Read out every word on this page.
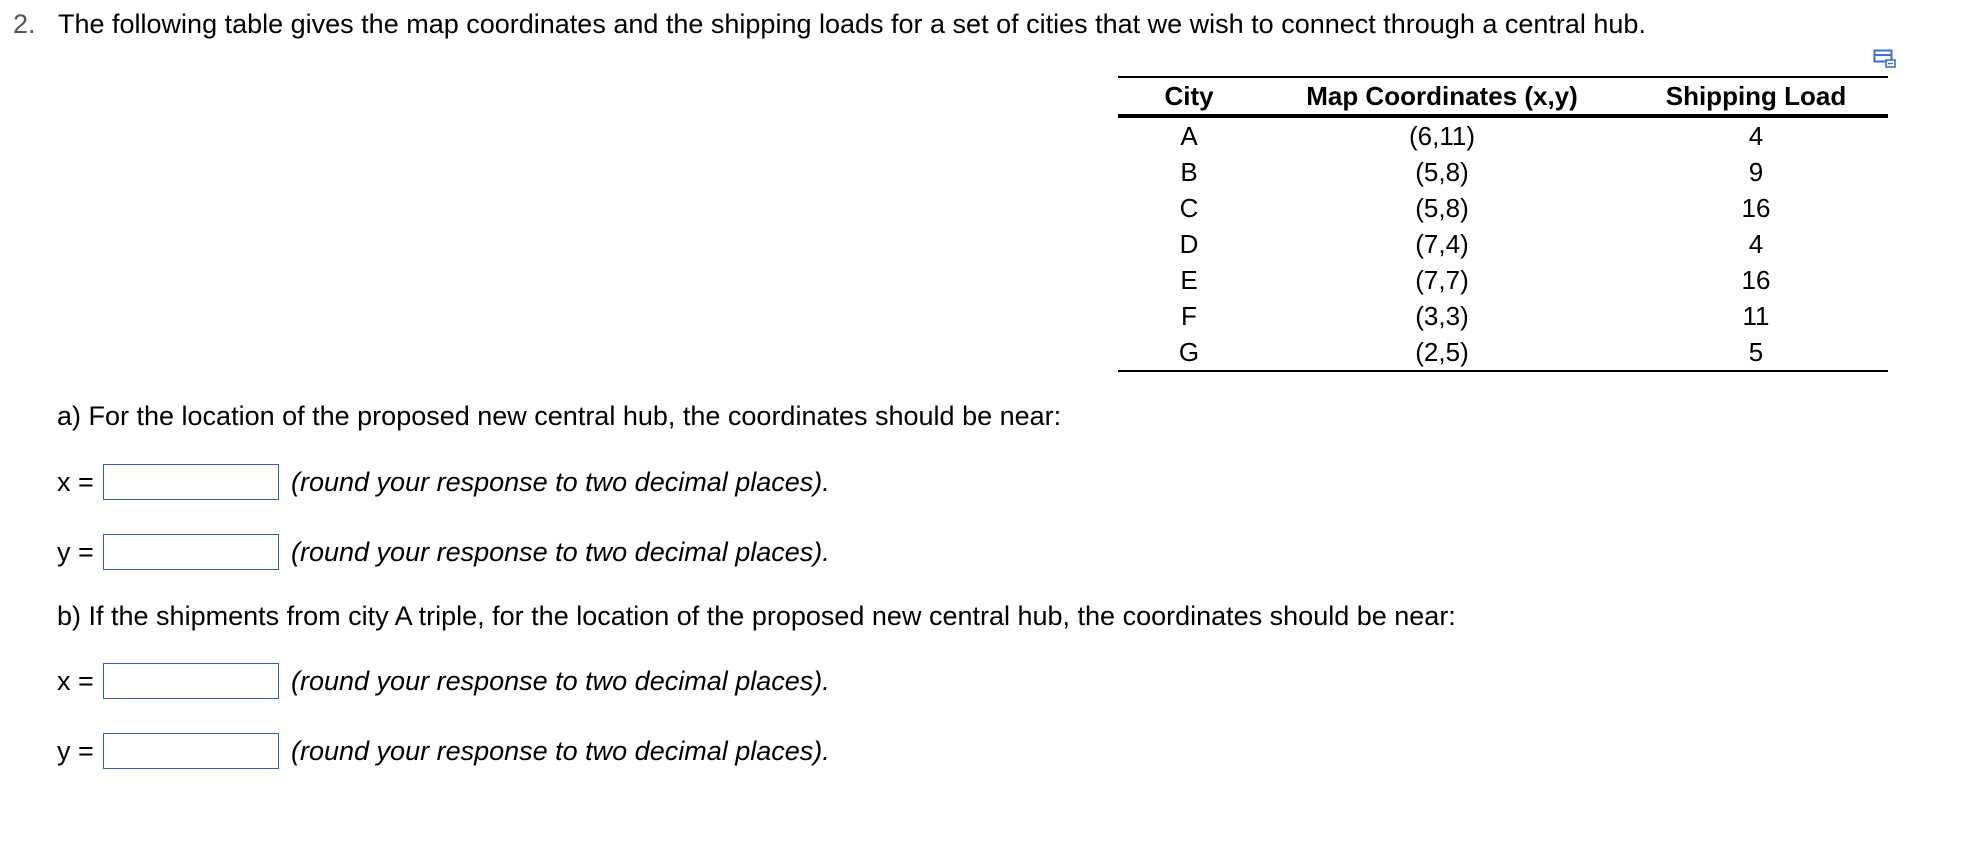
2. The following table gives the map coordinates and the shipping loads for a set of cities that we wish to connect through a central hub.
City	Map Coordinates (x,y)	Shipping Load
A	(6,11)	4
B	(5,8)	9
C	(5,8)	16
D	(7,4)	4
E	(7,7)	16
F	(3,3)	11
G	(2,5)	5
a) For the location of the proposed new central hub, the coordinates should be near:
x =	(round your response to two decimal places).
y =	(round your response to two decimal places).
b) If the shipments from city A triple, for the location of the proposed new central hub, the coordinates should be near:
x =	(round your response to two decimal places).
y =	(round your response to two decimal places).
